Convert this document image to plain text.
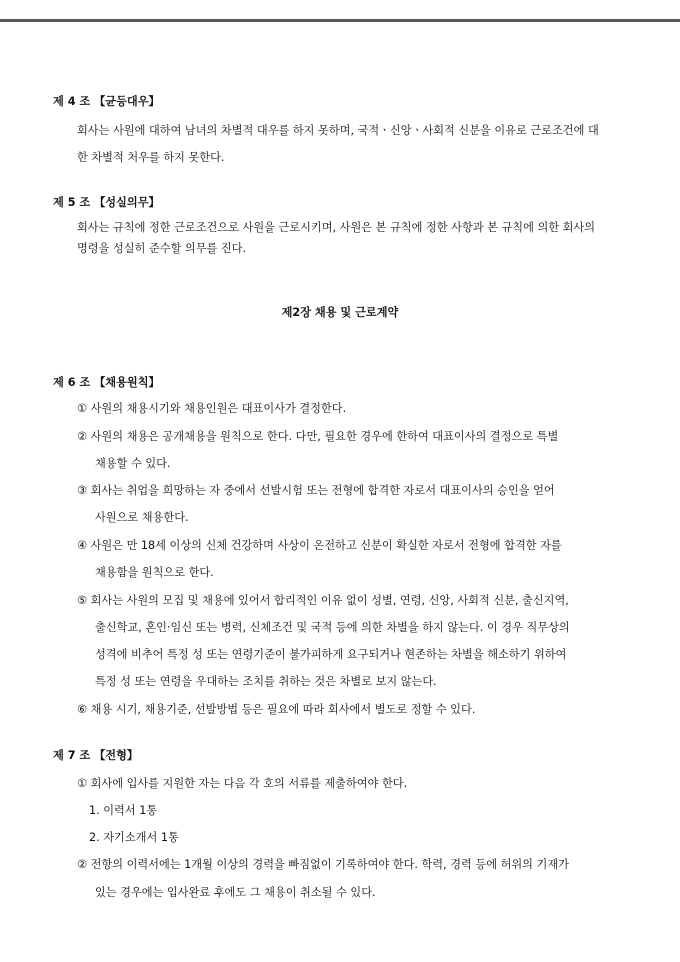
제 4 조 【균등대우】

회사는 사원에 대하여 남녀의 차별적 대우를 하지 못하며, 국적ㆍ신앙ㆍ사회적 신분을 이유로 근로조건에 대

한 차별적 처우를 하지 못한다.

제 5 조 【성실의무】

회사는 규칙에 정한 근로조건으로 사원을 근로시키며, 사원은 본 규칙에 정한 사항과 본 규칙에 의한 회사의

명령을 성실히 준수할 의무를 진다.

제2장 채용 및 근로계약

제 6 조 【채용원칙】

① 사원의 채용시기와 채용인원은 대표이사가 결정한다.

② 사원의 채용은 공개채용을 원칙으로 한다. 다만, 필요한 경우에 한하여 대표이사의 결정으로 특별

채용할 수 있다.

③ 회사는 취업을 희망하는 자 중에서 선발시험 또는 전형에 합격한 자로서 대표이사의 승인을 얻어

사원으로 채용한다.

④ 사원은 만 18세 이상의 신체 건강하며 사상이 온전하고 신분이 확실한 자로서 전형에 합격한 자를

채용함을 원칙으로 한다.

⑤ 회사는 사원의 모집 및 채용에 있어서 합리적인 이유 없이 성별, 연령, 신앙, 사회적 신분, 출신지역,

출신학교, 혼인·임신 또는 병력, 신체조건 및 국적 등에 의한 차별을 하지 않는다. 이 경우 직무상의

성격에 비추어 특정 성 또는 연령기준이 불가피하게 요구되거나 현존하는 차별을 해소하기 위하여

특정 성 또는 연령을 우대하는 조치를 취하는 것은 차별로 보지 않는다.

⑥ 채용 시기, 채용기준, 선발방법 등은 필요에 따라 회사에서 별도로 정할 수 있다.

제 7 조 【전형】

① 회사에 입사를 지원한 자는 다음 각 호의 서류를 제출하여야 한다.

1. 이력서 1통

2. 자기소개서 1통

② 전항의 이력서에는 1개월 이상의 경력을 빠짐없이 기록하여야 한다. 학력, 경력 등에 허위의 기재가

있는 경우에는 입사완료 후에도 그 채용이 취소될 수 있다.
